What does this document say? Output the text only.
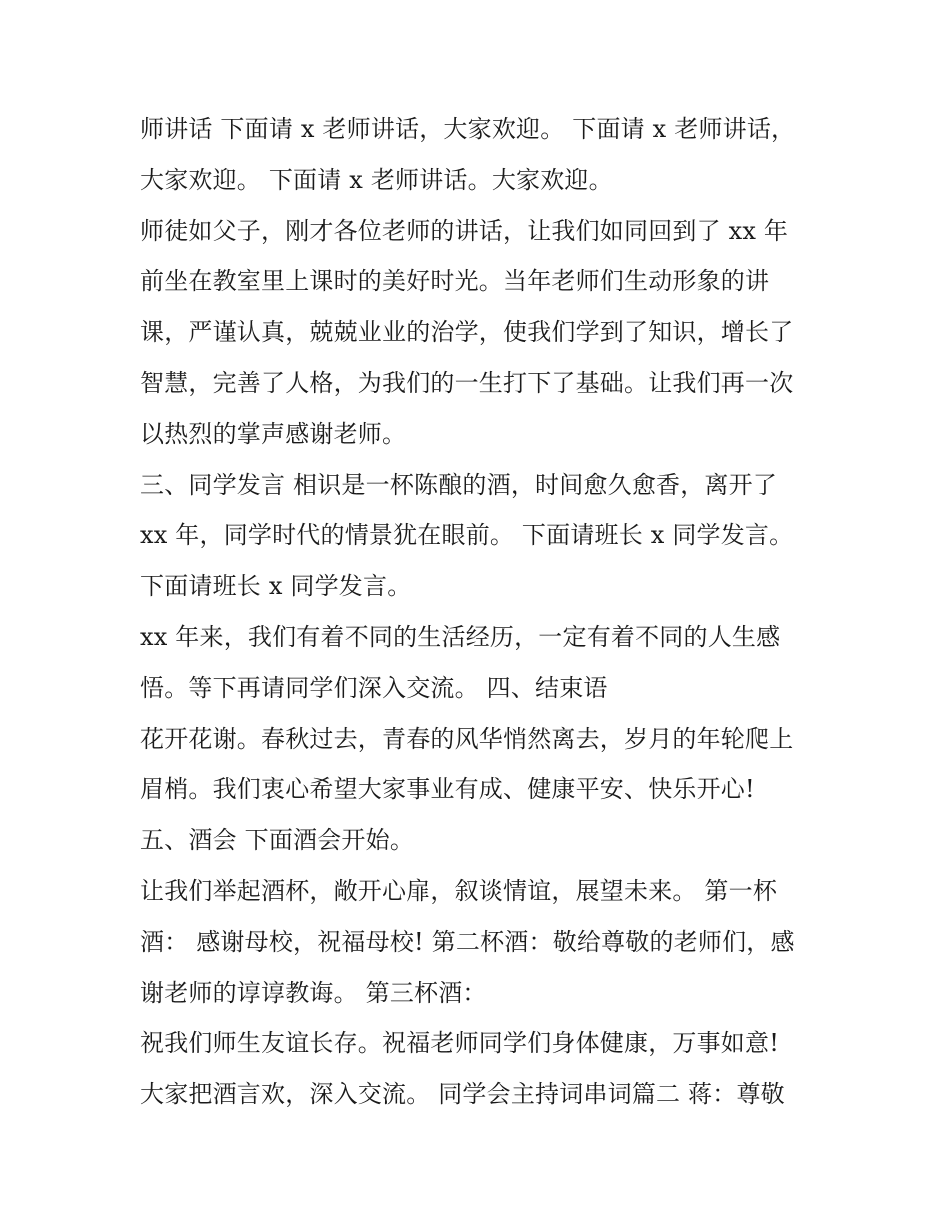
师讲话 下面请 x 老师讲话，大家欢迎。 下面请 x 老师讲话，
大家欢迎。 下面请 x 老师讲话。大家欢迎。
师徒如父子，刚才各位老师的讲话，让我们如同回到了 xx 年
前坐在教室里上课时的美好时光。当年老师们生动形象的讲
课，严谨认真，兢兢业业的治学，使我们学到了知识，增长了
智慧，完善了人格，为我们的一生打下了基础。让我们再一次
以热烈的掌声感谢老师。
三、同学发言 相识是一杯陈酿的酒，时间愈久愈香，离开了
xx 年，同学时代的情景犹在眼前。 下面请班长 x 同学发言。
下面请班长 x 同学发言。
xx 年来，我们有着不同的生活经历，一定有着不同的人生感
悟。等下再请同学们深入交流。 四、结束语
花开花谢。春秋过去，青春的风华悄然离去，岁月的年轮爬上
眉梢。我们衷心希望大家事业有成、健康平安、快乐开心!
五、酒会 下面酒会开始。
让我们举起酒杯，敞开心扉，叙谈情谊，展望未来。 第一杯
酒： 感谢母校，祝福母校! 第二杯酒：敬给尊敬的老师们，感
谢老师的谆谆教诲。 第三杯酒：
祝我们师生友谊长存。祝福老师同学们身体健康，万事如意!
大家把酒言欢，深入交流。 同学会主持词串词篇二 蒋：尊敬
